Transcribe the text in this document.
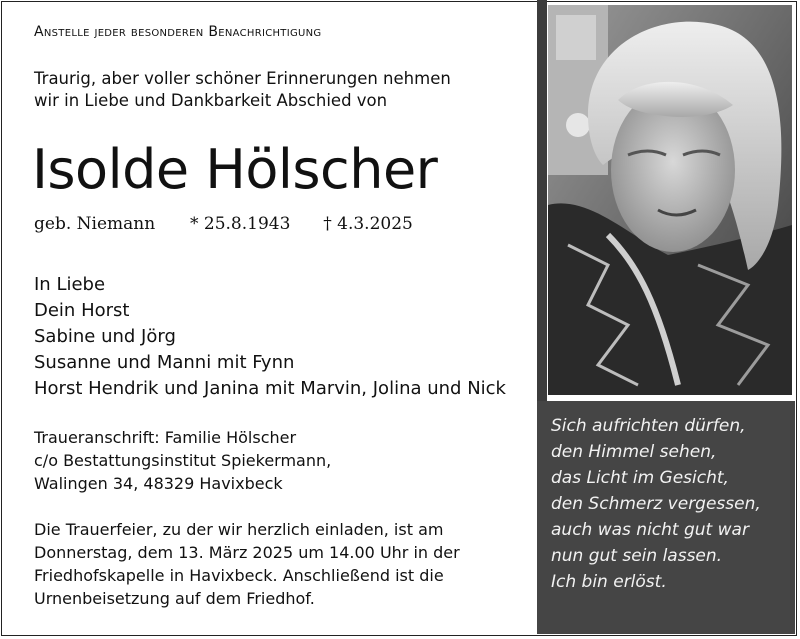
Anstelle jeder besonderen Benachrichtigung
Traurig, aber voller schöner Erinnerungen nehmen
wir in Liebe und Dankbarkeit Abschied von
Isolde Hölscher
geb. Niemann * 25.8.1943 † 4.3.2025
In Liebe
Dein Horst
Sabine und Jörg
Susanne und Manni mit Fynn
Horst Hendrik und Janina mit Marvin, Jolina und Nick
Traueranschrift: Familie Hölscher
c/o Bestattungsinstitut Spiekermann,
Walingen 34, 48329 Havixbeck
Die Trauerfeier, zu der wir herzlich einladen, ist am
Donnerstag, dem 13. März 2025 um 14.00 Uhr in der
Friedhofskapelle in Havixbeck. Anschließend ist die
Urnenbeisetzung auf dem Friedhof.
Sich aufrichten dürfen,
den Himmel sehen,
das Licht im Gesicht,
den Schmerz vergessen,
auch was nicht gut war
nun gut sein lassen.
Ich bin erlöst.
